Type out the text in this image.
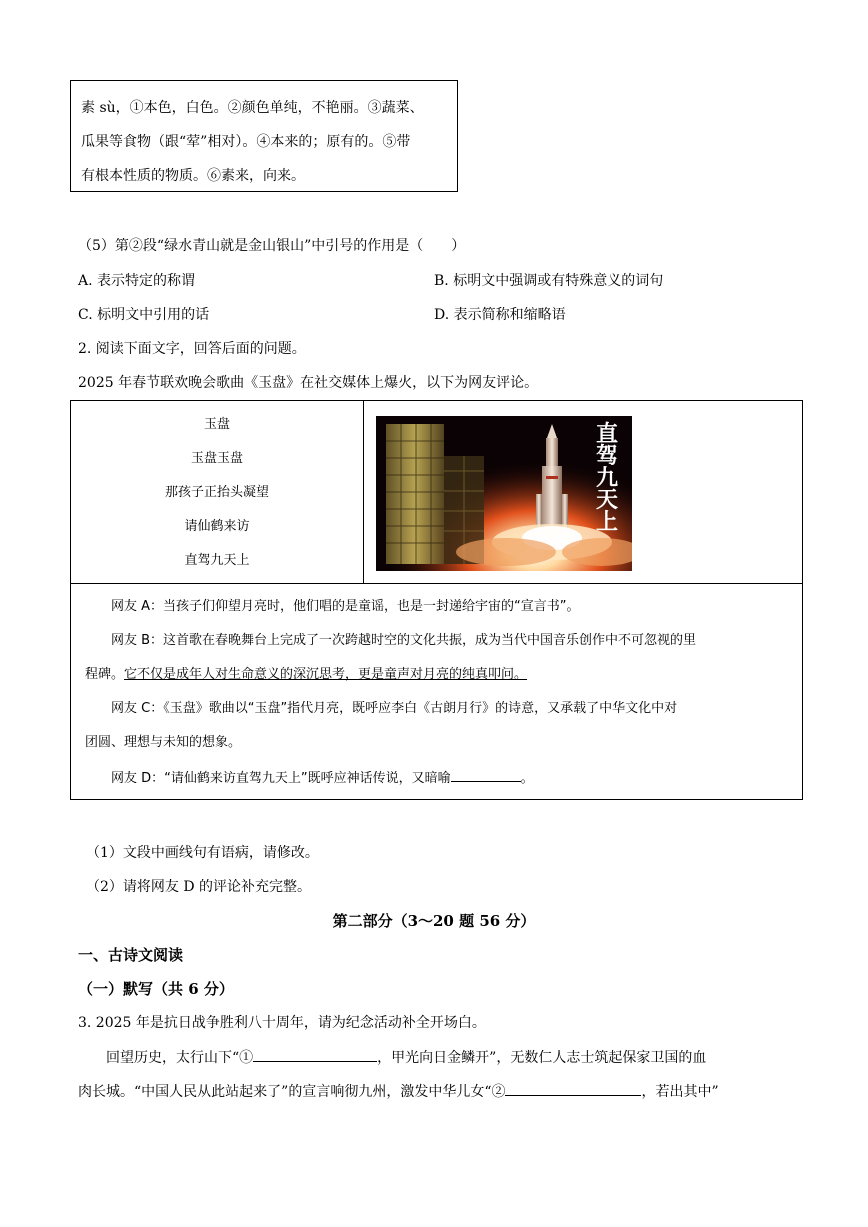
素 sù，①本色，白色。②颜色单纯，不艳丽。③蔬菜、
瓜果等食物（跟“荤”相对）。④本来的；原有的。⑤带
有根本性质的物质。⑥素来，向来。
（5）第②段“绿水青山就是金山银山”中引号的作用是（　　）
A. 表示特定的称谓	B. 标明文中强调或有特殊意义的词句
C. 标明文中引用的话	D. 表示简称和缩略语
2. 阅读下面文字，回答后面的问题。
2025 年春节联欢晚会歌曲《玉盘》在社交媒体上爆火，以下为网友评论。
玉盘
玉盘玉盘
那孩子正抬头凝望
请仙鹤来访
直驾九天上
直驾九天上
网友 A：当孩子们仰望月亮时，他们唱的是童谣，也是一封递给宇宙的“宣言书”。
网友 B：这首歌在春晚舞台上完成了一次跨越时空的文化共振，成为当代中国音乐创作中不可忽视的里
程碑。它不仅是成年人对生命意义的深沉思考，更是童声对月亮的纯真叩问。
网友 C：《玉盘》歌曲以“玉盘”指代月亮，既呼应李白《古朗月行》的诗意，又承载了中华文化中对
团圆、理想与未知的想象。
网友 D：“请仙鹤来访直驾九天上”既呼应神话传说，又暗喻	。
（1）文段中画线句有语病，请修改。
（2）请将网友 D 的评论补充完整。
第二部分（3～20 题 56 分）
一、古诗文阅读
（一）默写（共 6 分）
3. 2025 年是抗日战争胜利八十周年，请为纪念活动补全开场白。
回望历史，太行山下“①	，甲光向日金鳞开”，无数仁人志士筑起保家卫国的血
肉长城。“中国人民从此站起来了”的宣言响彻九州，激发中华儿女“②	，若出其中”
